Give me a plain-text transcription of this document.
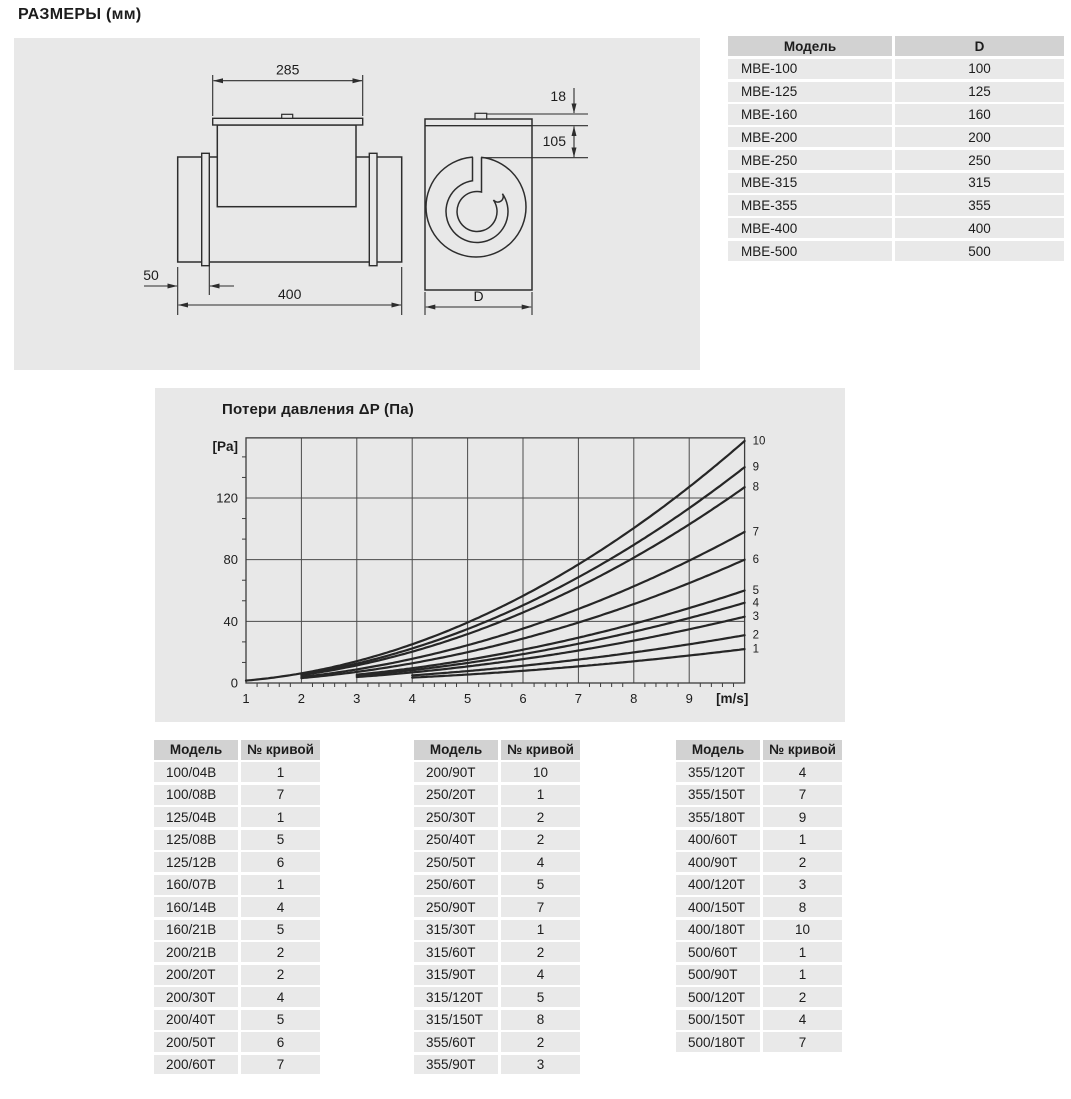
РАЗМЕРЫ (мм)
285
50
400
18
105
D
Модель	D
МВЕ-100	100
МВЕ-125	125
МВЕ-160	160
МВЕ-200	200
МВЕ-250	250
МВЕ-315	315
МВЕ-355	355
МВЕ-400	400
МВЕ-500	500
Потери давления ΔP (Па)
0
40
80
120
[Pa]
1	2	3	4	5	6	7	8	9 [m/s]
1
2
3
4
5
6
7
8
9
10
Модель	№ кривой
100/04В	1
100/08В	7
125/04В	1
125/08В	5
125/12В	6
160/07В	1
160/14В	4
160/21В	5
200/21В	2
200/20Т	2
200/30Т	4
200/40Т	5
200/50Т	6
200/60Т	7
Модель	№ кривой
200/90Т	10
250/20Т	1
250/30Т	2
250/40Т	2
250/50Т	4
250/60Т	5
250/90Т	7
315/30Т	1
315/60Т	2
315/90Т	4
315/120Т	5
315/150Т	8
355/60Т	2
355/90Т	3
Модель	№ кривой
355/120Т	4
355/150Т	7
355/180Т	9
400/60Т	1
400/90Т	2
400/120Т	3
400/150Т	8
400/180Т	10
500/60Т	1
500/90Т	1
500/120Т	2
500/150Т	4
500/180Т	7
